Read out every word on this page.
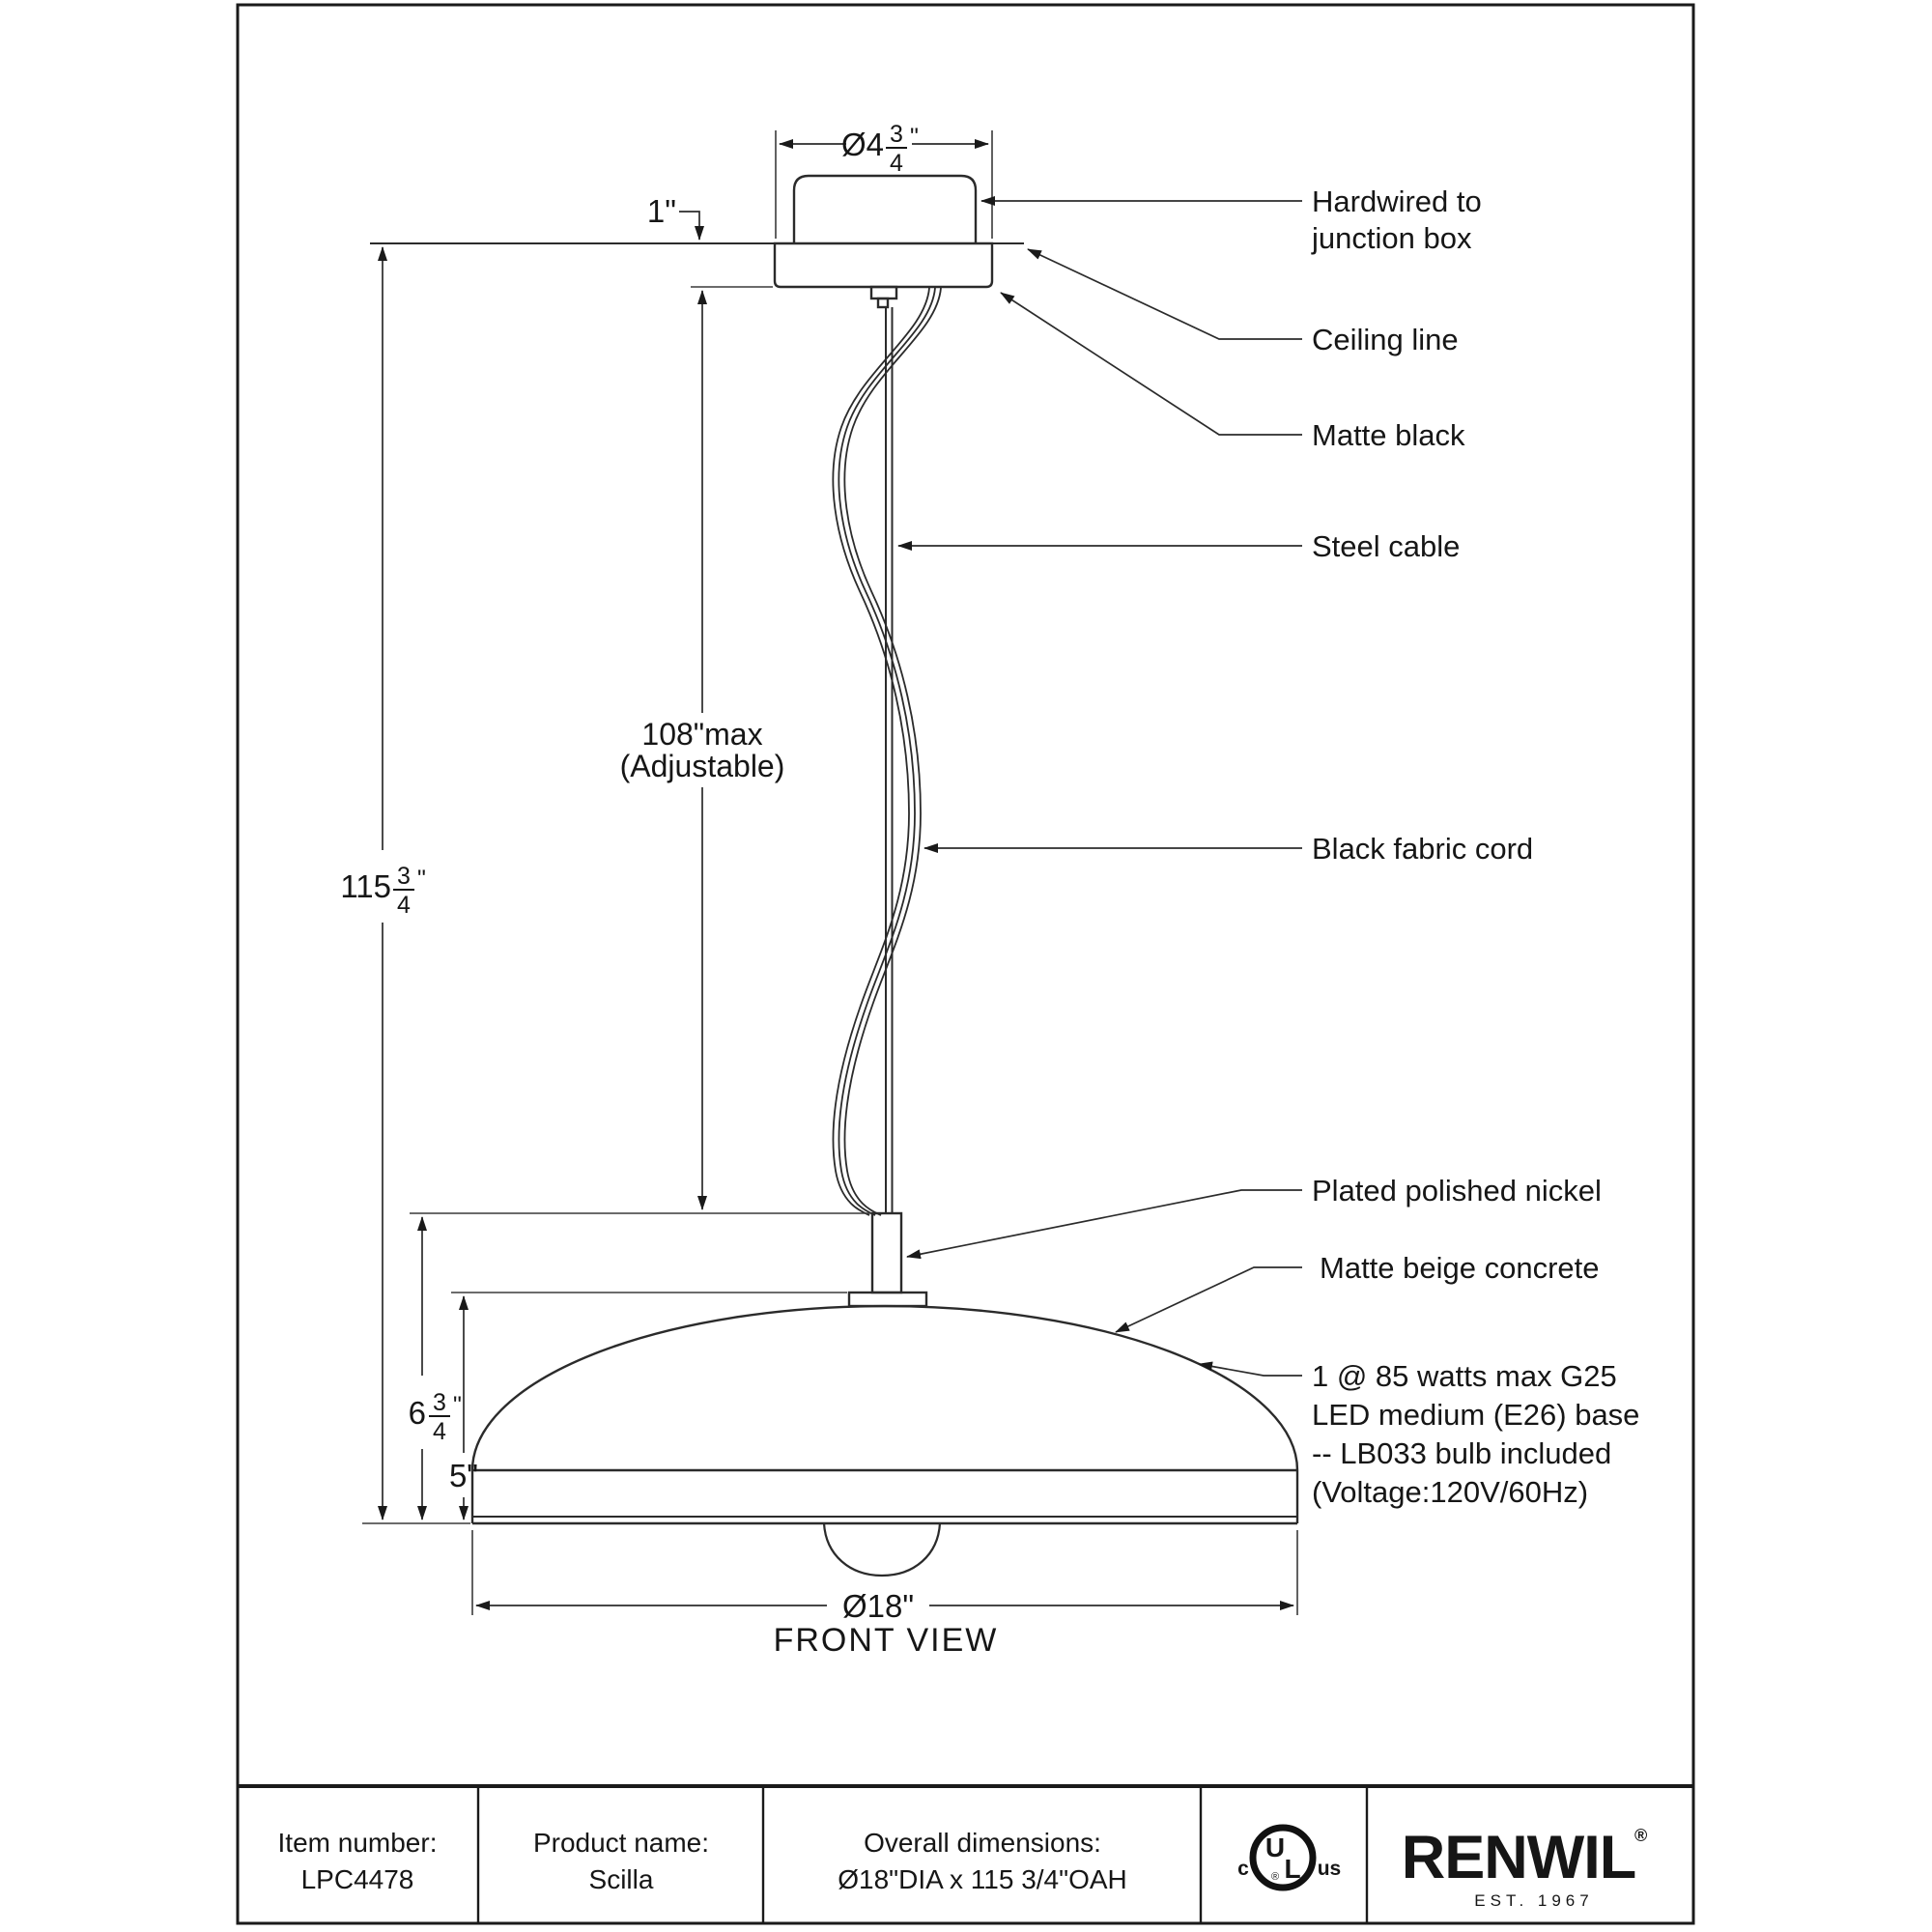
Hardwired to
junction box
Ceiling line
Matte black
Steel cable
Black fabric cord
Plated polished nickel
Matte beige concrete
1 @ 85 watts max G25
LED medium (E26) base
-- LB033 bulb included
(Voltage:120V/60Hz)
Ø4 3
4
"
1"
115 3
4
"
108"max
(Adjustable)
6 3
4
"
5"
Ø18"
FRONT VIEW
Item number:
LPC4478
Product name:
Scilla
Overall dimensions:
Ø18"DIA x 115 3/4"OAH
U
L
®
c	us RENWIL
®
EST. 1967
